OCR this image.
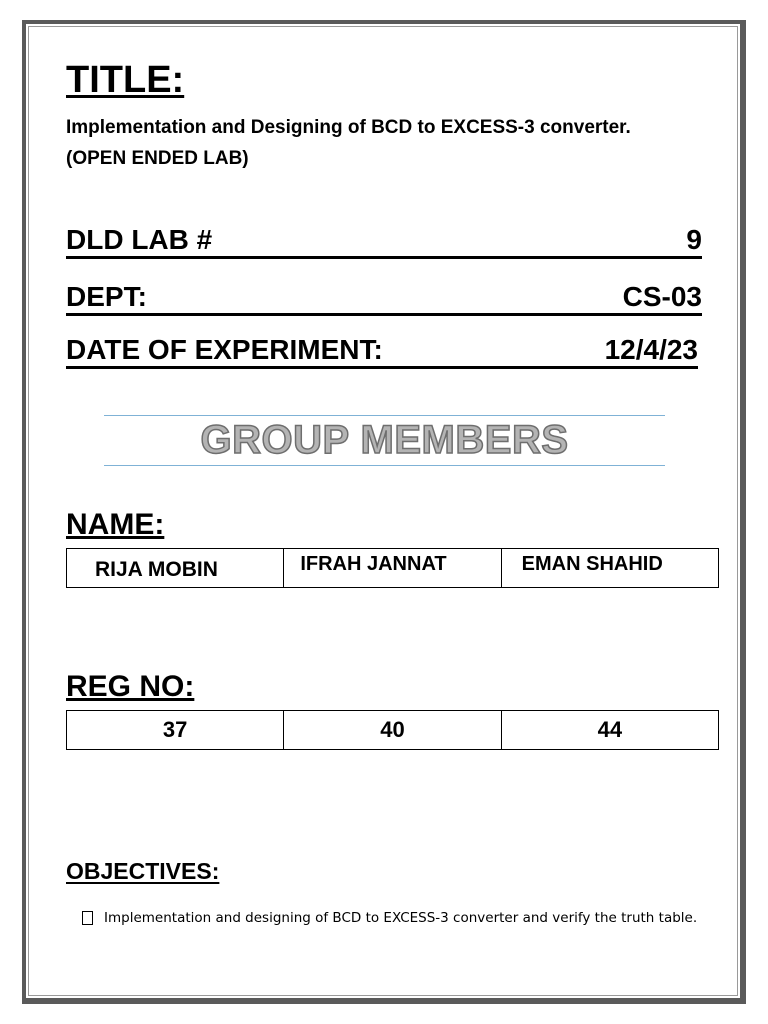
TITLE:
Implementation and Designing of BCD to EXCESS-3 converter. (OPEN ENDED LAB)
DLD LAB #	9
DEPT:	CS-03
DATE OF EXPERIMENT:	12/4/23
GROUP MEMBERS
NAME:
RIJA MOBIN	IFRAH JANNAT	EMAN SHAHID
REG NO:
37	40	44
OBJECTIVES:
Implementation and designing of BCD to EXCESS-3 converter and verify the truth table.
